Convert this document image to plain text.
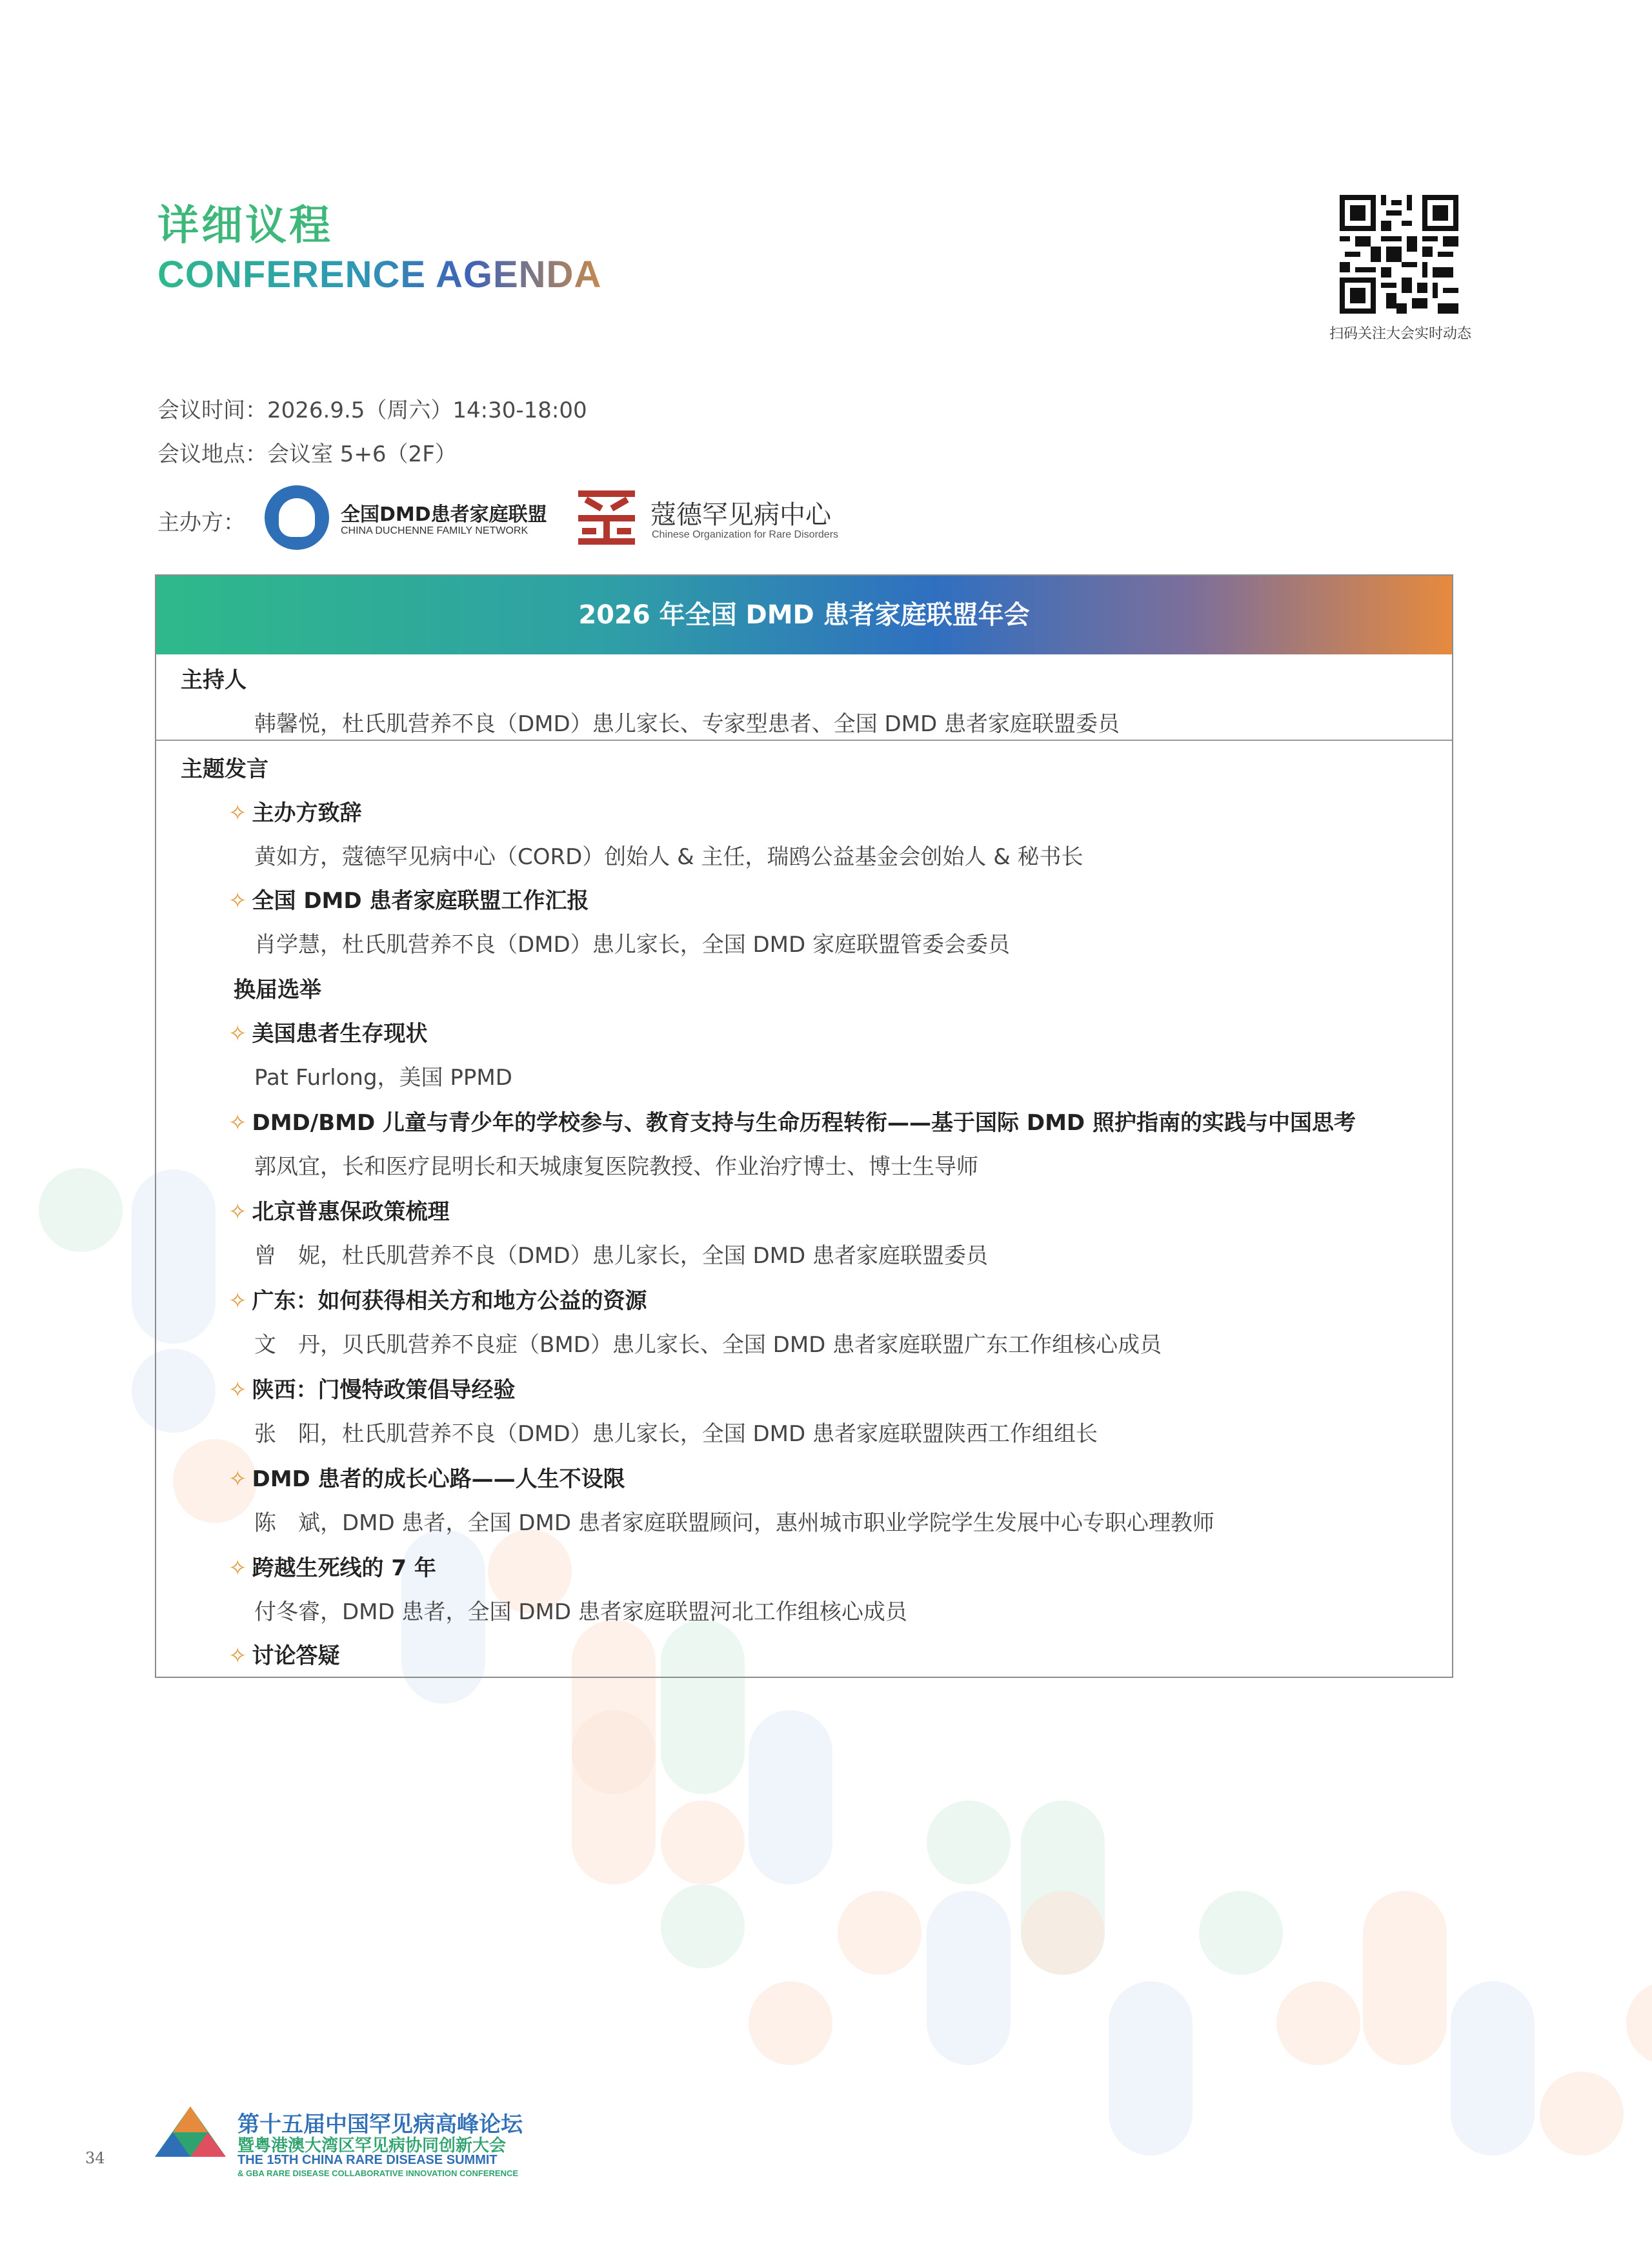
详细议程
CONFERENCE AGENDA
扫码关注大会实时动态
会议时间：2026.9.5（周六）14:30-18:00
会议地点：会议室 5+6（2F）
主办方：	全国DMD患者家庭联盟
CHINA DUCHENNE FAMILY NETWORK
蔻德罕见病中心
Chinese Organization for Rare Disorders
2026 年全国 DMD 患者家庭联盟年会
主持人
韩馨悦，杜氏肌营养不良（DMD）患儿家长、专家型患者、全国 DMD 患者家庭联盟委员
主题发言
✧ 主办方致辞
黄如方，蔻德罕见病中心（CORD）创始人 & 主任，瑞鸥公益基金会创始人 & 秘书长
✧ 全国 DMD 患者家庭联盟工作汇报
肖学慧，杜氏肌营养不良（DMD）患儿家长，全国 DMD 家庭联盟管委会委员
换届选举
✧ 美国患者生存现状
Pat Furlong，美国 PPMD
✧ DMD/BMD 儿童与青少年的学校参与、教育支持与生命历程转衔——基于国际 DMD 照护指南的实践与中国思考
郭凤宜，长和医疗昆明长和天城康复医院教授、作业治疗博士、博士生导师
✧ 北京普惠保政策梳理
曾　妮，杜氏肌营养不良（DMD）患儿家长，全国 DMD 患者家庭联盟委员
✧ 广东：如何获得相关方和地方公益的资源
文　丹，贝氏肌营养不良症（BMD）患儿家长、全国 DMD 患者家庭联盟广东工作组核心成员
✧ 陕西：门慢特政策倡导经验
张　阳，杜氏肌营养不良（DMD）患儿家长，全国 DMD 患者家庭联盟陕西工作组组长
✧ DMD 患者的成长心路——人生不设限
陈　斌，DMD 患者，全国 DMD 患者家庭联盟顾问，惠州城市职业学院学生发展中心专职心理教师
✧ 跨越生死线的 7 年
付冬睿，DMD 患者，全国 DMD 患者家庭联盟河北工作组核心成员
✧ 讨论答疑
34
第十五届中国罕见病高峰论坛
暨粤港澳大湾区罕见病协同创新大会
THE 15TH CHINA RARE DISEASE SUMMIT
& GBA RARE DISEASE COLLABORATIVE INNOVATION CONFERENCE
